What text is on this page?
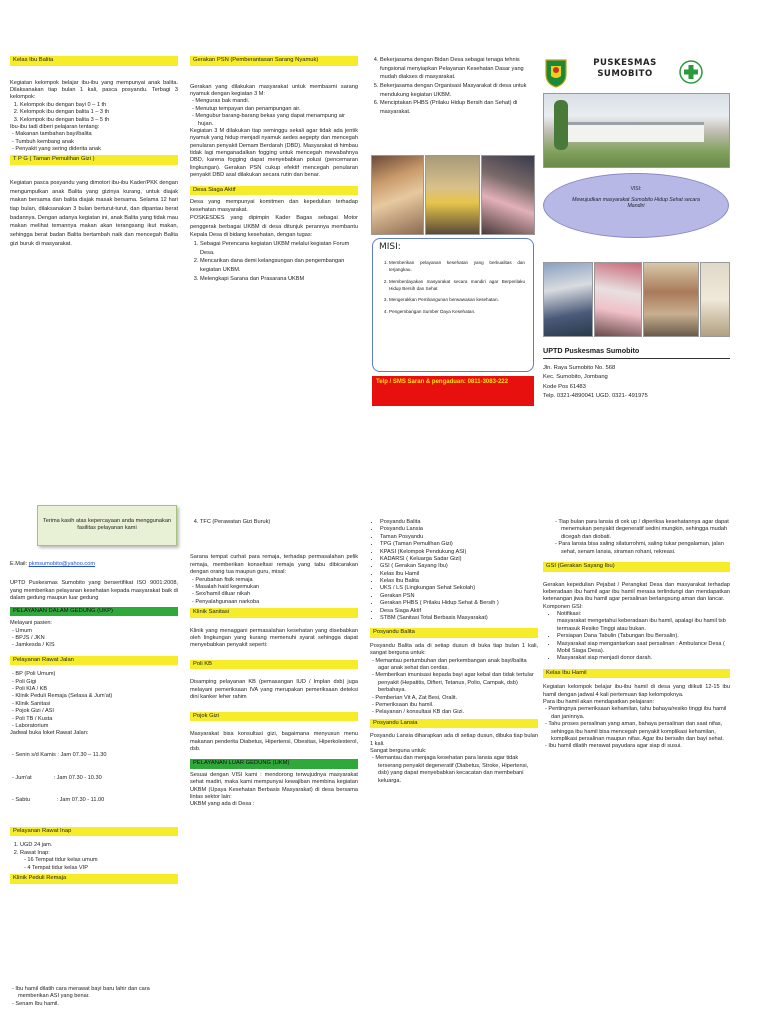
Kelas Ibu Balita

Kegiatan kelompok belajar ibu-ibu yang mempunyai anak balita. Dilaksanakan tiap bulan 1 kali, pasca posyandu. Terbagi 3 kelompok:

1. Kelompok ibu dengan bayi 0 – 1 th
2. Kelompok ibu dengan balita 1 – 3 th
3. Kelompok ibu dengan balita 3 – 5 th

Ibu-ibu tadi diberi pelajaran tentang:

- Makanan tambahan bayi/balita
- Tumbuh kembang anak
- Penyakit yang sering diderita anak
T P G ( Taman Pemulihan Gizi )

Kegiatan pasca posyandu yang dimotori ibu-ibu Kader/PKK dengan mengumpulkan anak Balita yang gizinya kurang, untuk diajak makan bersama dan balita diajak masak bersama. Selama 12 hari tiap bulan, dilaksanakan 3 bulan berturut-turut, dan dipantau berat badannya. Dengan adanya kegiatan ini, anak Balita yang tidak mau makan melihat temannya makan akan terangsang ikut makan, sehingga berat badan Balita bertambah naik dan mencegah Balita gizi buruk di masyarakat.

Gerakan PSN (Pemberantasan Sarang Nyamuk)

Gerakan yang dilakukan masyarakat untuk membasmi sarang nyamuk dengan kegiatan 3 M:

- Menguras bak mandi.
- Menutup tempayan dan penampungan air.
- Mengubur barang-barang bekas yang dapat menampung air hujan.

Kegiatan 3 M dilakukan tiap seminggu sekali agar tidak ada jentik nyamuk yang hidup menjadi nyamuk aedes aegepty dan mencegah penularan penyakit Demam Berdarah (DBD). Masyarakat di himbau tidak lagi menganadalkan fogging untuk mencegah mewabahnya DBD, karena fogging dapat menyebabkan polusi (pencemaran lingkungan). Gerakan PSN cukup efektif mencegah penularan penyakit DBD asal dilakukan secara rutin dan benar.

Desa Siaga Aktif

Desa yang mempunyai komitmen dan kepedulian terhadap kesehatan masyarakat.

POSKESDES yang dipimpin Kader Bagas sebagai Motor penggerak berbagai UKBM di desa ditunjuk perannya membantu Kepala Desa di bidang kesehatan, dengan tugas:

1. Sebagai Perencana kegiatan UKBM melalui kegiatan Forum Desa.
2. Mencarikan dana demi kelangsungan dan pengembangan kegiatan UKBM.
3. Melengkapi Sarana dan Prasarana UKBM
4. Bekerjasama dengan Bidan Desa sebagai tenaga tehnis fungsional menyiapkan Pelayanan Kesehatan Dasar yang mudah diakses di masyarakat.
5. Bekerjasama dengan Organisasi Masyarakat di desa untuk mendukung kegiatan UKBM.
6. Menciptakan PHBS (Prilaku Hidup Bersih dan Sehat) di masyarakat.
MISI:
1. Memberikan pelayanan kesehatan yang berkualitas dan terjangkau.
2. Memberdayakan masyarakat secara mandiri agar Berperilaku Hidup Bersih dan Sehat
3. Mengerakkan Pembangunan berwawasan kesehatan.
4. Pengembangan Sumber Daya Kesehatan.
Telp / SMS Saran & pengaduan: 0811-3083-222
PUSKESMAS
SUMOBITO
VISI:
Mewujudkan masyarakat Sumobito Hidup Sehat secara Mandiri
UPTD Puskesmas Sumobito
Jln. Raya Sumobito No. 568
Kec. Sumobito, Jombang
Kode Pos 61483
Telp. 0321-4890041 UGD. 0321- 491975
Terima kasih atas kepercayaan anda menggunakan fasilitas pelayanan kami

E.Mail: pkmsumobito@yahoo.com

UPTD Puskesmas Sumobito yang bersertifikat ISO 9001:2008, yang memberikan pelayanan kesehatan kepada masyarakat baik di dalam gedung maupun luar gedung

PELAYANAN DALAM GEDUNG (UKP)

Melayani pasien:

- Umum
- BPJS / JKN
- Jamkesda / KIS
Pelayanan Rawat Jalan
- BP (Poli Umum)
- Poli Gigi
- Poli KIA / KB
- Klinik Peduli Remaja (Selasa & Jum'at)
- Klinik Sanitasi
- Pojok Gizi / ASI
- Poli TB / Kusta
- Laboratorium

Jadwal buka loket Rawat Jalan:

- Senin s/d Kamis : Jam 07.30 – 11.30

- Jum'at              : Jam 07.30 - 10.30

- Sabtu                 : Jam 07.30 - 11.00

Pelayanan Rawat Inap
1. UGD 24 jam.
2. Rawat Inap:
- 16 Tempat tidur kelas umum
- 4 Tempat tidur kelas VIP
Klinik Peduli Remaja
- Ibu hamil dilatih cara merawat bayi baru lahir dan cara memberikan ASI yang benar.
- Senam Ibu hamil.
4. TFC (Perawatan Gizi Buruk)

Sarana tempat curhat para remaja, terhadap permasalahan pelik remaja, memberikan konseltasi remaja yang tabu dibicarakan dengan orang tua maupun guru, misal:

- Perubahan fisik remaja
- Masalah haid kegemukan
- Sex/hamil diluar nikah
- Penyalahgunaan narkoba
Klinik Sanitasi

Klinik yang menaggani permasalahan kesehatan yang disebabkan oleh lingkungan yang kurang memenuhi syarat sehingga dapat menyebabkan penyakit seperti:

Poli KB

Disamping pelayanan KB (pemasangan IUD / Implan dsb) juga melayani pemeriksaan IVA yang merupakan pemeriksaan deteksi dini kanker leher rahim

Pojok Gizi

Masyarakat bisa konsultasi gizi, bagaimana menyusun menu makanan penderita Diabetus, Hipertensi, Obesitas, Hiperkolesterol, dsb.

PELAYANAN LUAR GEDUNG (UKM)

Sesuai dengan VISI kami : mendorong terwujudnya masyarakat sehat madiri, maka kami mempunyai kewajiban membina kegiatan UKBM (Upaya Kesehatan Berbasis Masyarakat) di desa bersama lintas sektor lain:

UKBM yang ada di Desa :

• Posyandu Balita
• Posyandu Lansia
• Taman Posyandu
• TPG (Taman Pemulihan Gizi)
• KPASI (Kelompok Pendukung ASI)
• KADARSI ( Keluarga Sadar Gizi)
• GSI ( Gerakan Sayang Ibu)
• Kelas Ibu Hamil
• Kelas Ibu Balita
• UKS / LS (Lingkungan Sehat Sekolah)
• Gerakan PSN
• Gerakan PHBS ( Prilaku Hidup Sehat & Bersih )
• Desa Siaga Aktif
• STBM (Sanitasi Total Berbasis Masyarakat)
Posyandu Balita

Posyandu Balita ada di setiap dusun di buka tiap bulan 1 kali, sangat berguna untuk:

- Memantau pertumbuhan dan perkembangan anak bayi/balita agar anak sehat dan cerdas.
- Memberikan imunisasi kepada bayi agar kebal dan tidak tertular penyakit (Hepatitis, Difteri, Tetanus, Polio, Campak, dsb) berbahaya.
- Pemberian Vit A, Zat Besi, Oralit.
- Pemeriksaan ibu hamil.
- Pelayanan / konsultasi KB dan Gizi.
Posyandu Lansia

Posyandu Lansia diharapkan ada di setiap dusun, dibuka tiap bulan 1 kali.

Sangat berguna untuk:

- Memantau dan menjaga kesehatan para lansia agar tidak terserang penyakit degeneratif (Diabetus, Stroke, Hipertensi, dsb) yang dapat menyebabkan kecacatan dan membebani keluarga.
- Tiap bulan para lansia di cek up / diperiksa kesehatannya agar dapat menemukan penyakit degeneratif sedini mungkin, sehingga mudah dicegah dan diobati.
- Para lansia bisa saling silaturrohmi, saling tukar pengalaman, jalan sehat, senam lansia, siraman rohani, rekreasi.
GSI (Gerakan Sayang Ibu)

Gerakan kepedulian Pejabat / Perangkat Desa dan masyarakat terhadap keberadaan ibu hamil agar ibu hamil merasa terlindungi dan mendapatkan ketenangan jiwa ibu hamil agar persalinan berlangsung aman dan lancar.

Komponen GSI:

• Notifikasi:
masyarakat mengetahui keberadaan ibu hamil, apalagi ibu hamil tsb termasuk Resiko Tinggi atau bukan.
• Persiapan Dana Tabulin (Tabungan Ibu Bersalin).
• Masyarakat siap mengantarkan saat persalinan : Ambulance Desa ( Mobil Siaga Desa).
• Masyarakat siap menjadi donor darah.
Kelas Ibu Hamil

Kegiatan kelompok belajar ibu-ibu hamil di desa yang diikuti 12-15 ibu hamil dengan jadwal 4 kali pertemuan tiap kelompoknya.

Para ibu hamil akan mendapatkan pelajaran:

- Pentingnya pemeriksaan kehamilan, tahu bahaya/resiko tinggi ibu hamil dan janinnya.
- Tahu proses persalinan yang aman, bahaya persalinan dan saat nifas, sehingga ibu hamil bisa mencegah penyakit komplikasi kehamilan, komplikasi persalinan maupun nifas. Agar ibu bersalin dan bayi sehat.
- Ibu hamil dilatih merawat payudara agar siap di susui.
